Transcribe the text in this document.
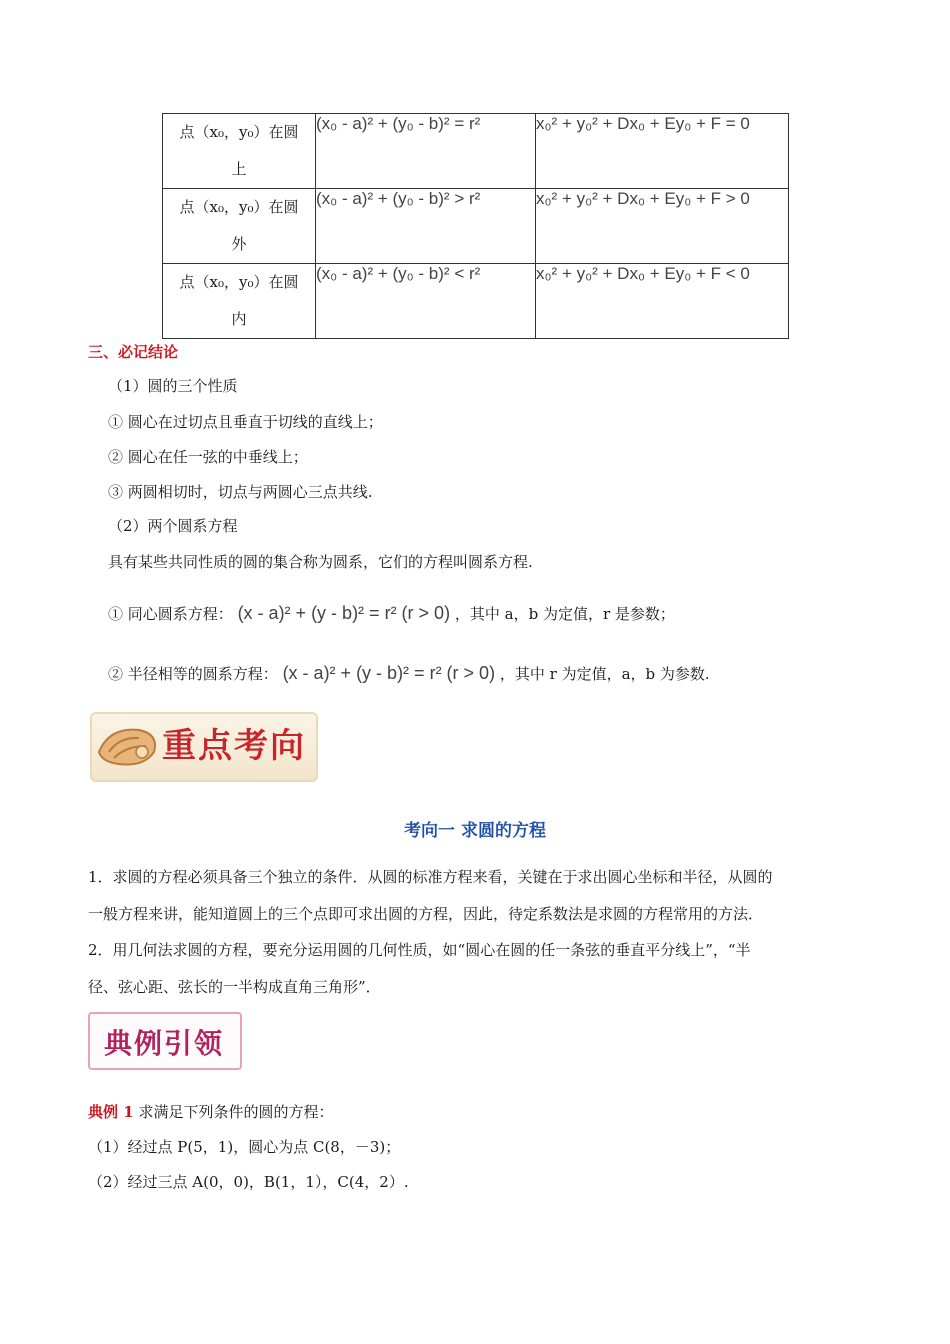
点（x₀，y₀）在圆
上	(x₀ - a)² + (y₀ - b)² = r²	x₀² + y₀² + Dx₀ + Ey₀ + F = 0

点（x₀，y₀）在圆
外	(x₀ - a)² + (y₀ - b)² > r²	x₀² + y₀² + Dx₀ + Ey₀ + F > 0

点（x₀，y₀）在圆
内	(x₀ - a)² + (y₀ - b)² < r²	x₀² + y₀² + Dx₀ + Ey₀ + F < 0
三、必记结论
（1）圆的三个性质
① 圆心在过切点且垂直于切线的直线上；
② 圆心在任一弦的中垂线上；
③ 两圆相切时，切点与两圆心三点共线.
（2）两个圆系方程
具有某些共同性质的圆的集合称为圆系，它们的方程叫圆系方程.
① 同心圆系方程： (x - a)² + (y - b)² = r² (r > 0) ，其中 a，b 为定值，r 是参数；
② 半径相等的圆系方程： (x - a)² + (y - b)² = r² (r > 0) ，其中 r 为定值，a，b 为参数.
重点考向
考向一 求圆的方程
1．求圆的方程必须具备三个独立的条件．从圆的标准方程来看，关键在于求出圆心坐标和半径，从圆的
一般方程来讲，能知道圆上的三个点即可求出圆的方程，因此，待定系数法是求圆的方程常用的方法．
2．用几何法求圆的方程，要充分运用圆的几何性质，如“圆心在圆的任一条弦的垂直平分线上”，“半
径、弦心距、弦长的一半构成直角三角形”．
典例引领
典例 1 求满足下列条件的圆的方程：
（1）经过点 P(5，1)，圆心为点 C(8，－3)；
（2）经过三点 A(0，0)，B(1，1），C(4，2）.
